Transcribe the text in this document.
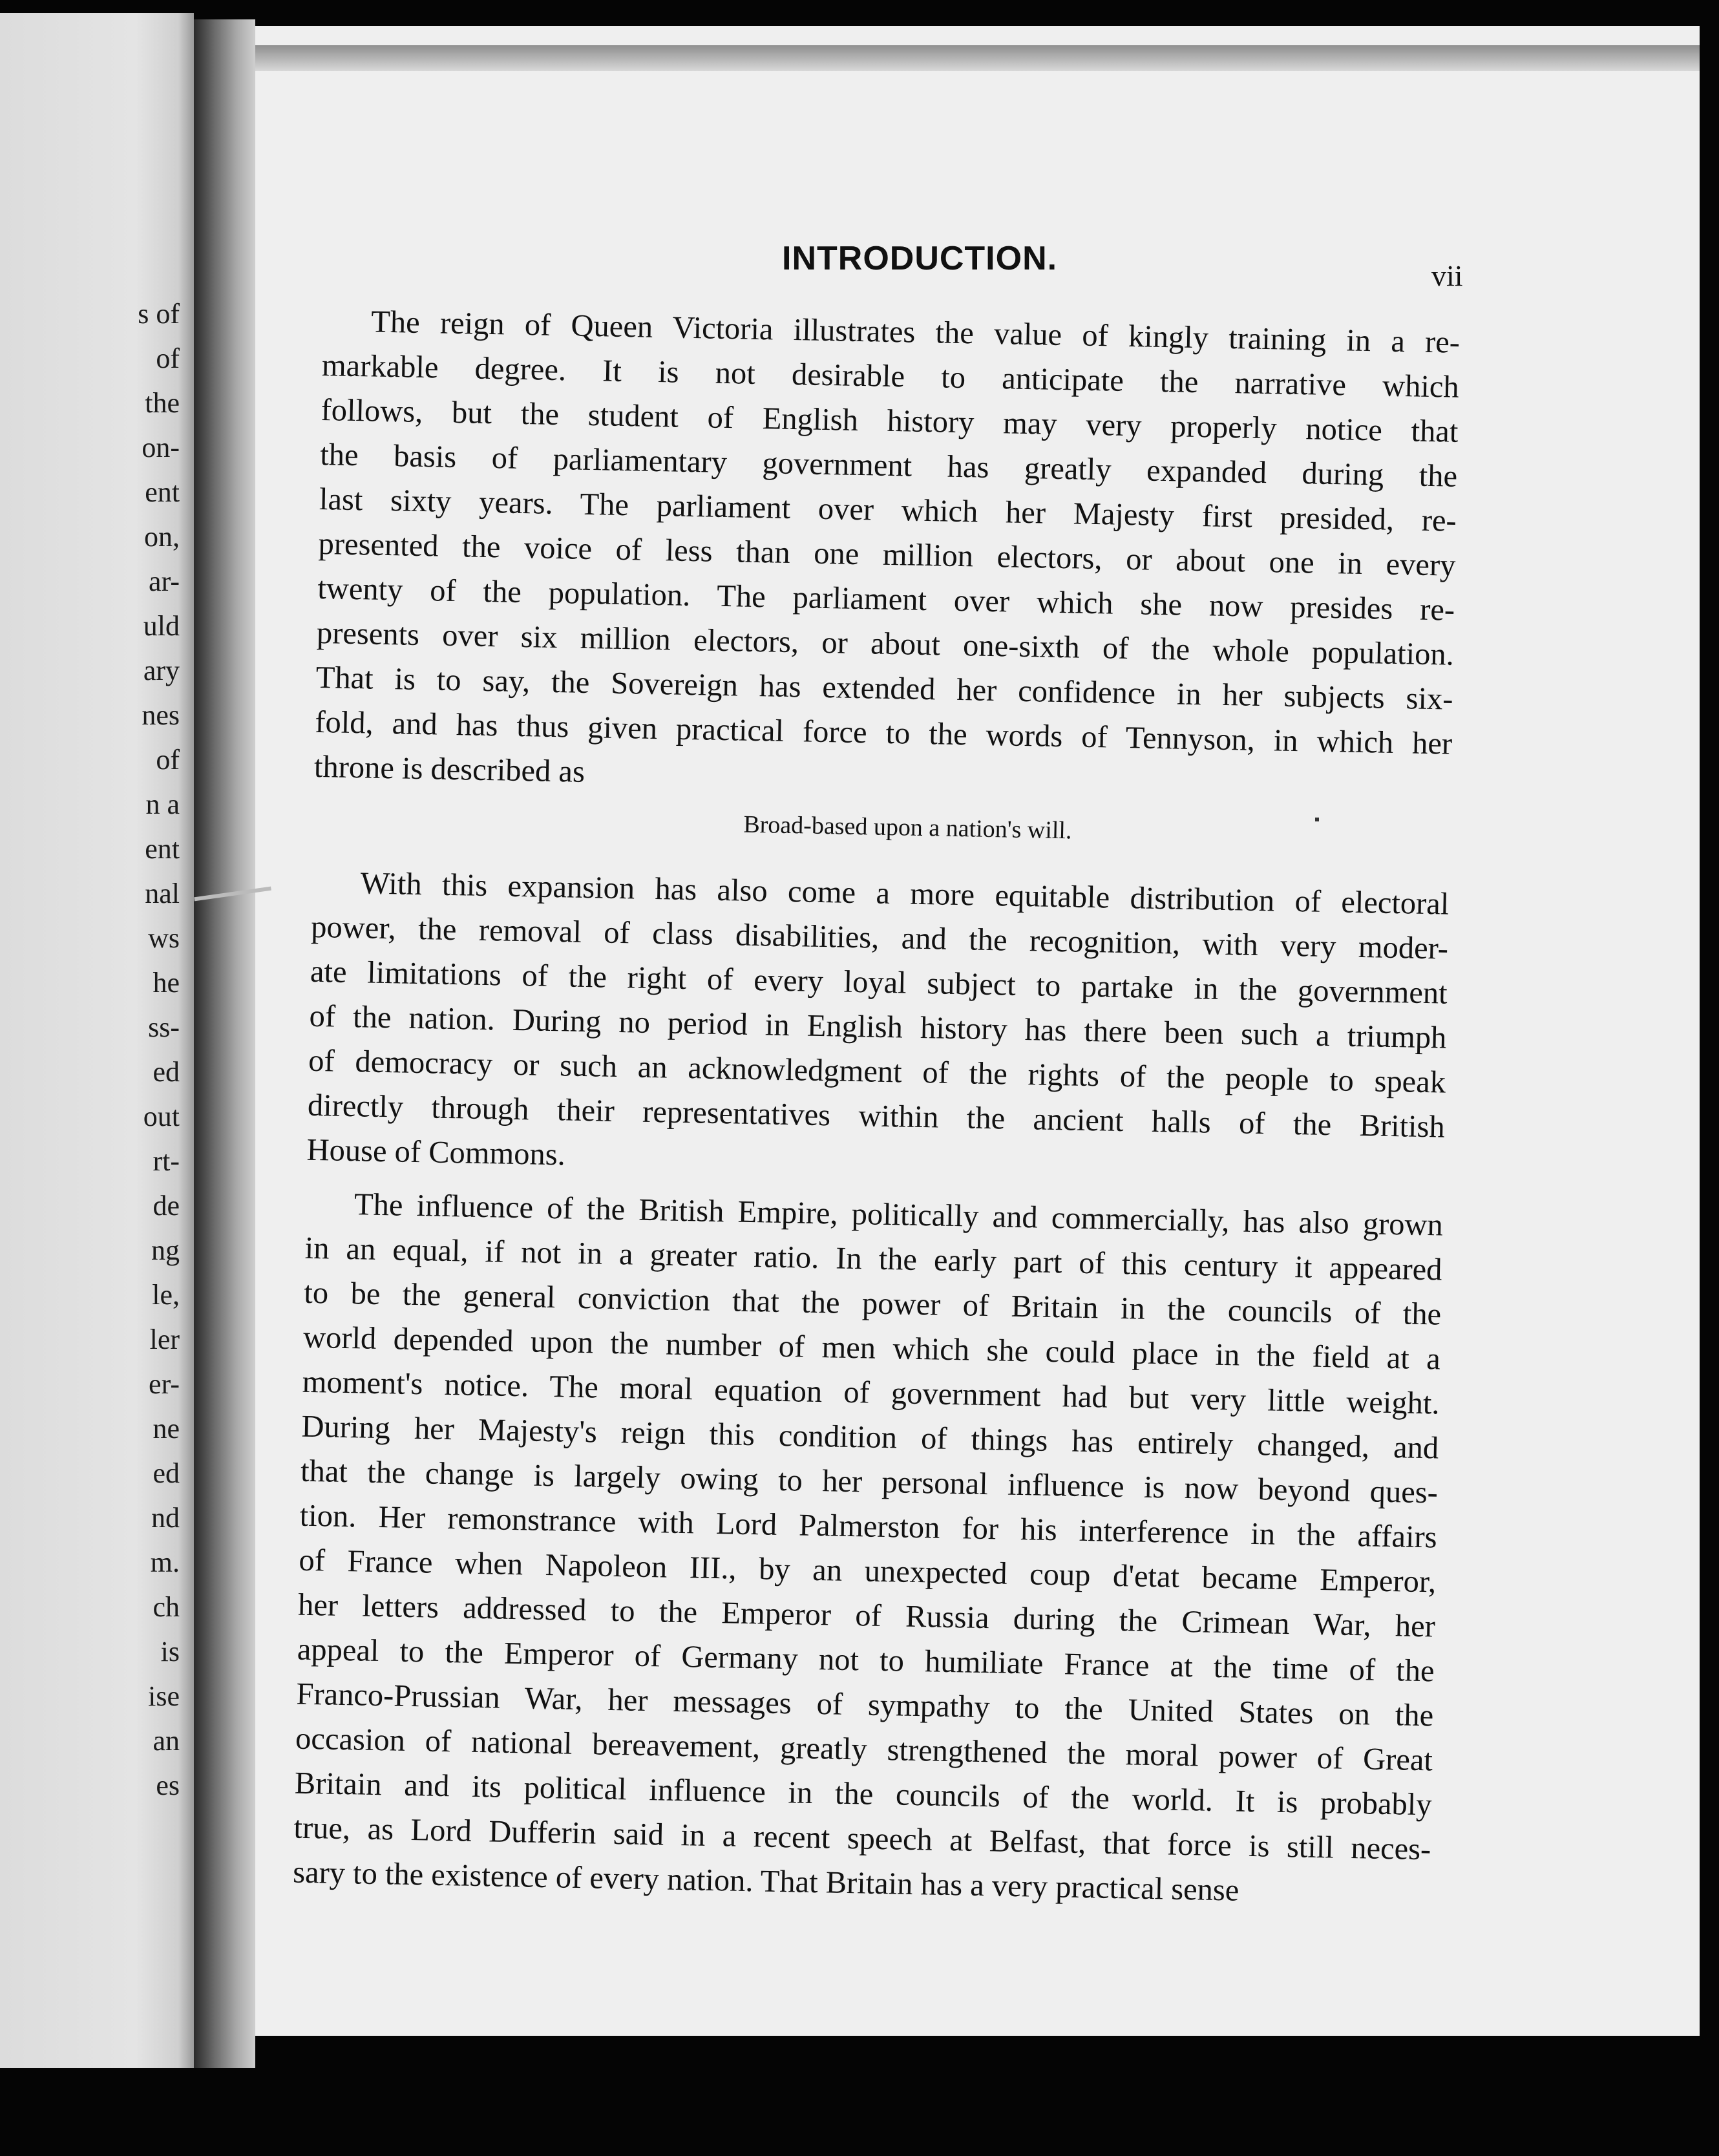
s of
of
the
on-
ent
on,
ar-
uld
ary
nes
of
n a
ent
nal
ws
he
ss-
ed
out
rt-
de
ng
le,
ler
er-
ne
ed
nd
m.
ch
is
ise
an
es
INTRODUCTION.	vii
The reign of Queen Victoria illustrates the value of kingly training in a re-
markable degree. It is not desirable to anticipate the narrative which
follows, but the student of English history may very properly notice that
the basis of parliamentary government has greatly expanded during the
last sixty years. The parliament over which her Majesty first presided, re-
presented the voice of less than one million electors, or about one in every
twenty of the population. The parliament over which she now presides re-
presents over six million electors, or about one-sixth of the whole population.
That is to say, the Sovereign has extended her confidence in her subjects six-
fold, and has thus given practical force to the words of Tennyson, in which her
throne is described as
Broad-based upon a nation's will.
With this expansion has also come a more equitable distribution of electoral
power, the removal of class disabilities, and the recognition, with very moder-
ate limitations of the right of every loyal subject to partake in the government
of the nation. During no period in English history has there been such a triumph
of democracy or such an acknowledgment of the rights of the people to speak
directly through their representatives within the ancient halls of the British
House of Commons.
The influence of the British Empire, politically and commercially, has also grown
in an equal, if not in a greater ratio. In the early part of this century it appeared
to be the general conviction that the power of Britain in the councils of the
world depended upon the number of men which she could place in the field at a
moment's notice. The moral equation of government had but very little weight.
During her Majesty's reign this condition of things has entirely changed, and
that the change is largely owing to her personal influence is now beyond ques-
tion. Her remonstrance with Lord Palmerston for his interference in the affairs
of France when Napoleon III., by an unexpected coup d'etat became Emperor,
her letters addressed to the Emperor of Russia during the Crimean War, her
appeal to the Emperor of Germany not to humiliate France at the time of the
Franco-Prussian War, her messages of sympathy to the United States on the
occasion of national bereavement, greatly strengthened the moral power of Great
Britain and its political influence in the councils of the world. It is probably
true, as Lord Dufferin said in a recent speech at Belfast, that force is still neces-
sary to the existence of every nation. That Britain has a very practical sense
